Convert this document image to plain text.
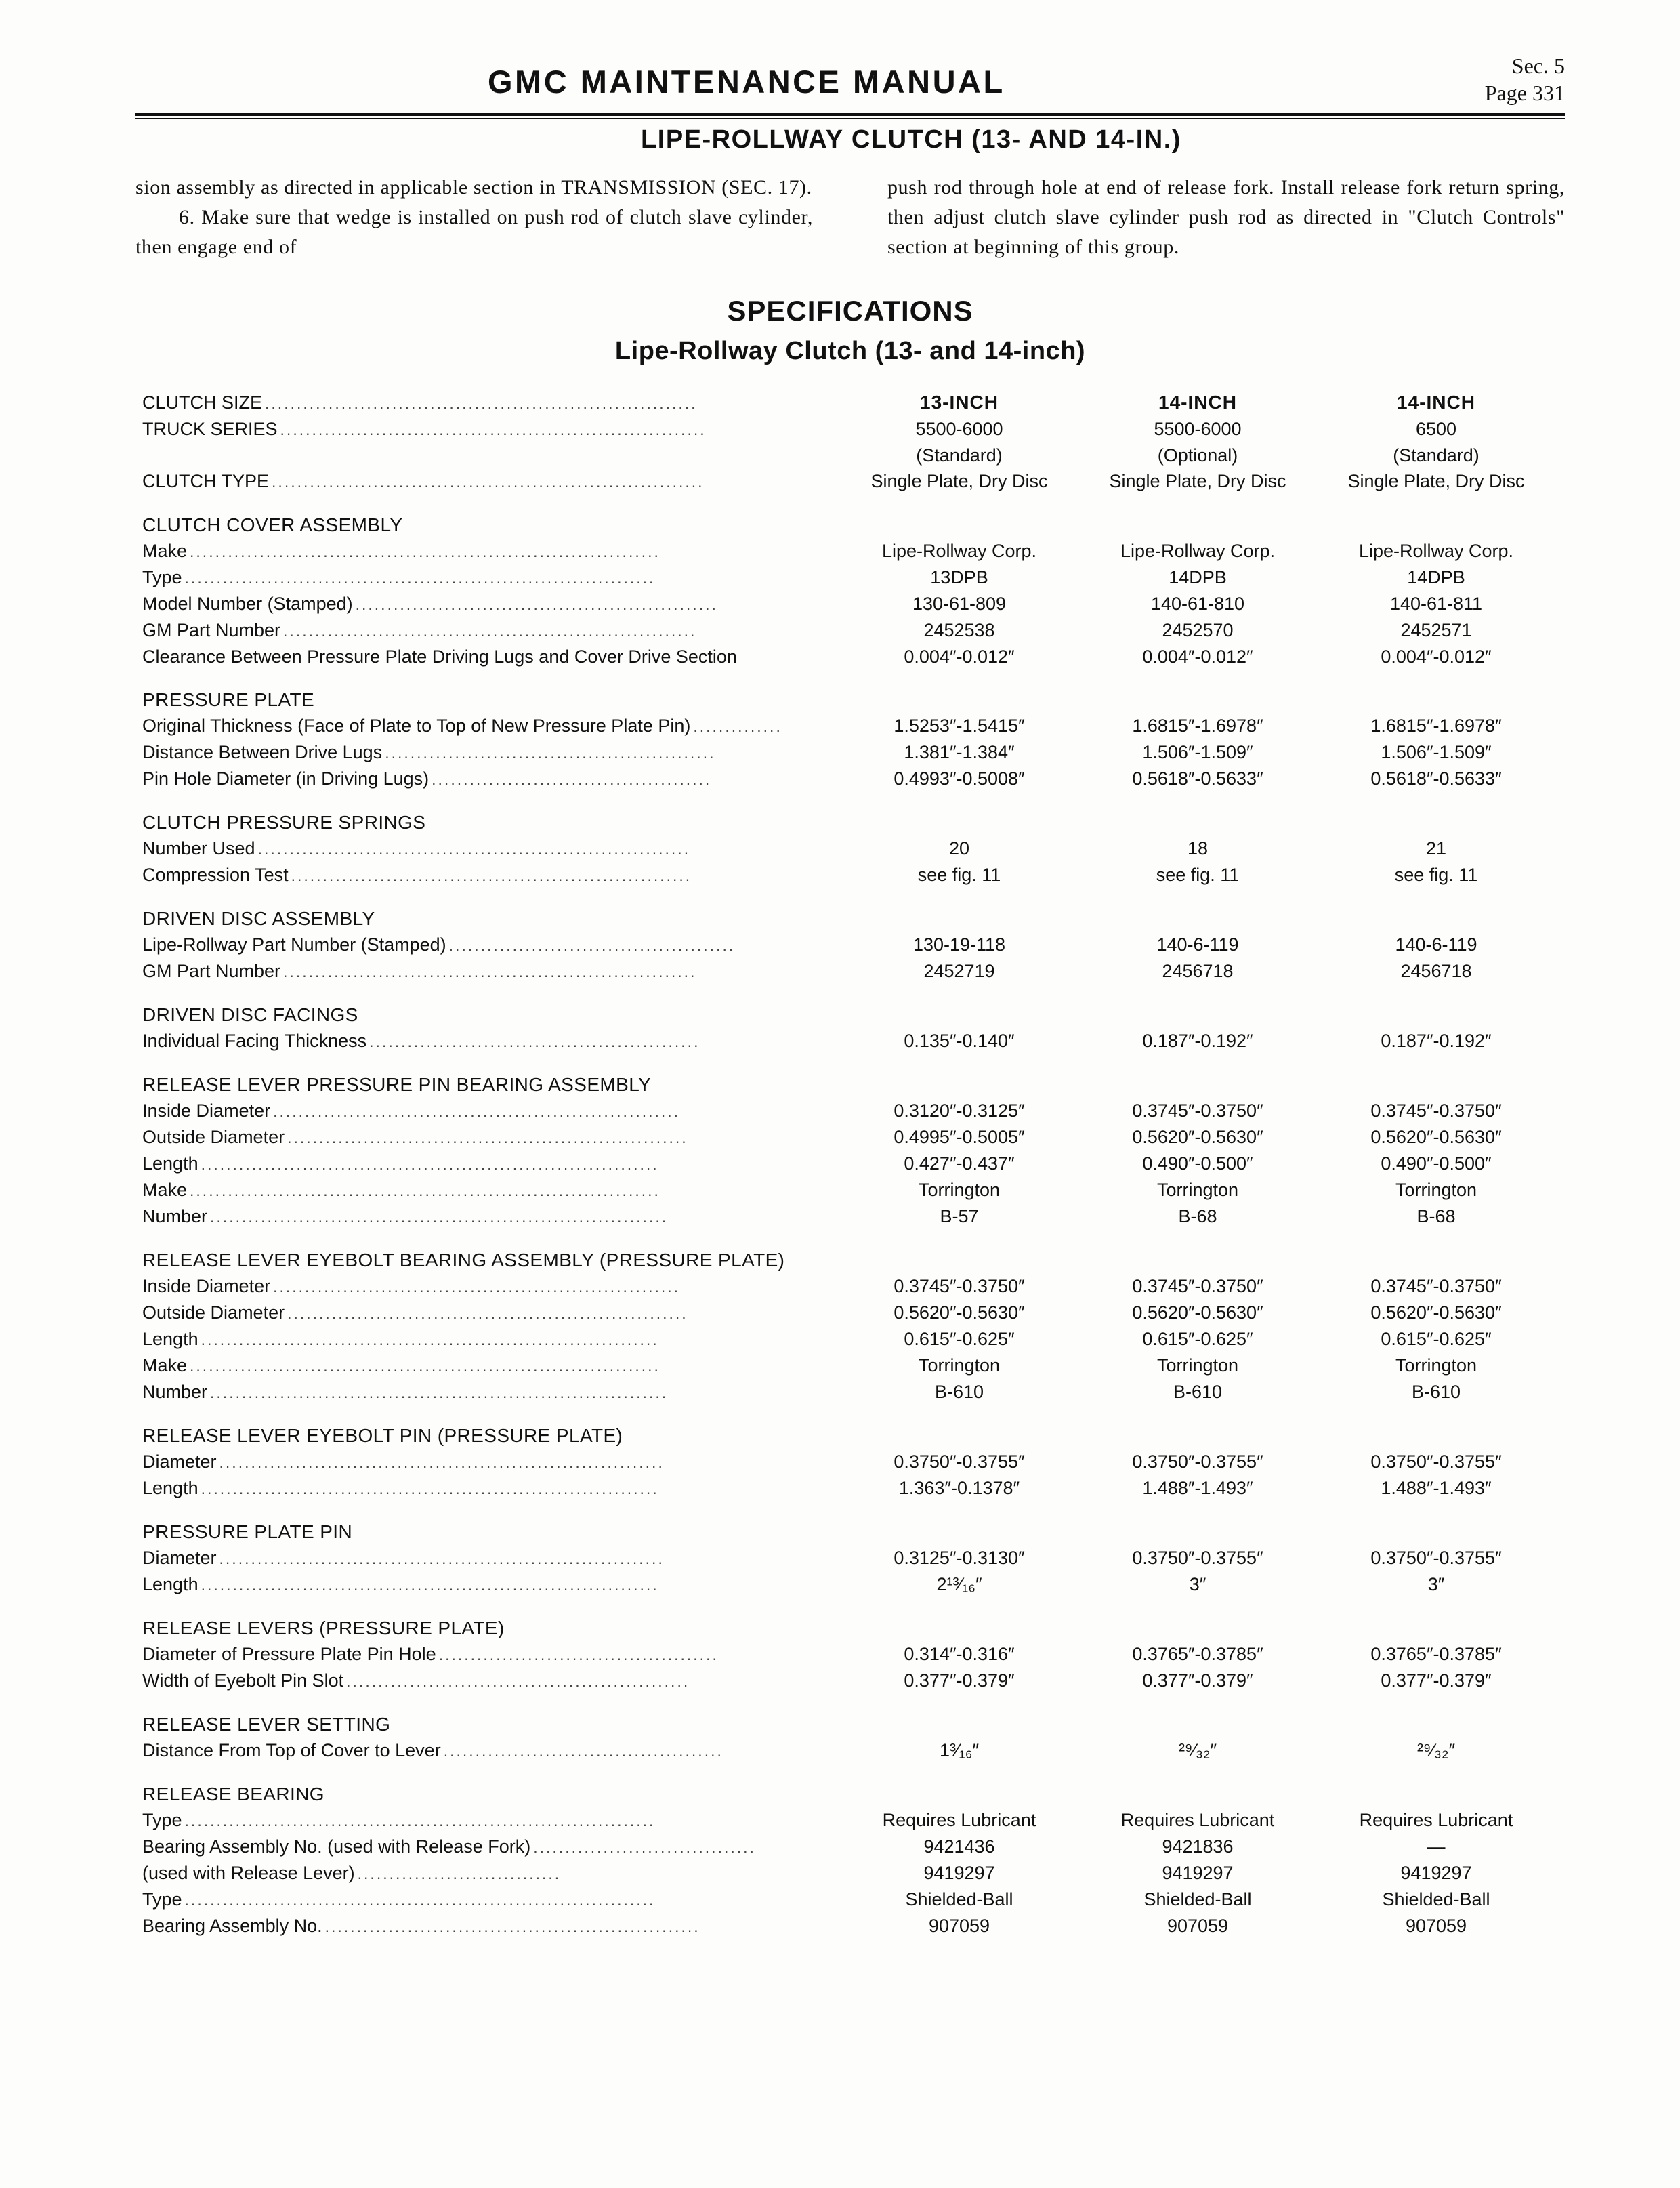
GMC MAINTENANCE MANUAL	Sec. 5
Page 331
LIPE-ROLLWAY CLUTCH (13- AND 14-IN.)

sion assembly as directed in applicable section in TRANSMISSION (SEC. 17).

6. Make sure that wedge is installed on push rod of clutch slave cylinder, then engage end of

push rod through hole at end of release fork. Install release fork return spring, then adjust clutch slave cylinder push rod as directed in "Clutch Controls" section at beginning of this group.

SPECIFICATIONS
Lipe-Rollway Clutch (13- and 14-inch)
CLUTCH SIZE ....................................................................	13-INCH	14-INCH	14-INCH
TRUCK SERIES ...................................................................	5500-6000	5500-6000	6500
(Standard)	(Optional)	(Standard)
CLUTCH TYPE ....................................................................	Single Plate, Dry Disc	Single Plate, Dry Disc	Single Plate, Dry Disc
CLUTCH COVER ASSEMBLY
Make ..........................................................................	Lipe-Rollway Corp.	Lipe-Rollway Corp.	Lipe-Rollway Corp.
Type ..........................................................................	13DPB	14DPB	14DPB
Model Number (Stamped) .........................................................	130-61-809	140-61-810	140-61-811
GM Part Number .................................................................	2452538	2452570	2452571
Clearance Between Pressure Plate Driving Lugs and Cover Drive Section	0.004″-0.012″	0.004″-0.012″	0.004″-0.012″
PRESSURE PLATE
Original Thickness (Face of Plate to Top of New Pressure Plate Pin) ..............	1.5253″-1.5415″	1.6815″-1.6978″	1.6815″-1.6978″
Distance Between Drive Lugs ....................................................	1.381″-1.384″	1.506″-1.509″	1.506″-1.509″
Pin Hole Diameter (in Driving Lugs) ............................................	0.4993″-0.5008″	0.5618″-0.5633″	0.5618″-0.5633″
CLUTCH PRESSURE SPRINGS
Number Used ....................................................................	20	18	21
Compression Test ...............................................................	see fig. 11	see fig. 11	see fig. 11
DRIVEN DISC ASSEMBLY
Lipe-Rollway Part Number (Stamped) .............................................	130-19-118	140-6-119	140-6-119
GM Part Number .................................................................	2452719	2456718	2456718
DRIVEN DISC FACINGS
Individual Facing Thickness ....................................................	0.135″-0.140″	0.187″-0.192″	0.187″-0.192″
RELEASE LEVER PRESSURE PIN BEARING ASSEMBLY
Inside Diameter ................................................................	0.3120″-0.3125″	0.3745″-0.3750″	0.3745″-0.3750″
Outside Diameter ...............................................................	0.4995″-0.5005″	0.5620″-0.5630″	0.5620″-0.5630″
Length ........................................................................	0.427″-0.437″	0.490″-0.500″	0.490″-0.500″
Make ..........................................................................	Torrington	Torrington	Torrington
Number ........................................................................	B-57	B-68	B-68
RELEASE LEVER EYEBOLT BEARING ASSEMBLY (PRESSURE PLATE)
Inside Diameter ................................................................	0.3745″-0.3750″	0.3745″-0.3750″	0.3745″-0.3750″
Outside Diameter ...............................................................	0.5620″-0.5630″	0.5620″-0.5630″	0.5620″-0.5630″
Length ........................................................................	0.615″-0.625″	0.615″-0.625″	0.615″-0.625″
Make ..........................................................................	Torrington	Torrington	Torrington
Number ........................................................................	B-610	B-610	B-610
RELEASE LEVER EYEBOLT PIN (PRESSURE PLATE)
Diameter ......................................................................	0.3750″-0.3755″	0.3750″-0.3755″	0.3750″-0.3755″
Length ........................................................................	1.363″-0.1378″	1.488″-1.493″	1.488″-1.493″
PRESSURE PLATE PIN
Diameter ......................................................................	0.3125″-0.3130″	0.3750″-0.3755″	0.3750″-0.3755″
Length ........................................................................	2¹³⁄₁₆″	3″	3″
RELEASE LEVERS (PRESSURE PLATE)
Diameter of Pressure Plate Pin Hole ............................................	0.314″-0.316″	0.3765″-0.3785″	0.3765″-0.3785″
Width of Eyebolt Pin Slot ......................................................	0.377″-0.379″	0.377″-0.379″	0.377″-0.379″
RELEASE LEVER SETTING
Distance From Top of Cover to Lever ............................................	1³⁄₁₆″	²⁹⁄₃₂″	²⁹⁄₃₂″
RELEASE BEARING
Type ..........................................................................	Requires Lubricant	Requires Lubricant	Requires Lubricant
Bearing Assembly No. (used with Release Fork) ...................................	9421436	9421836	—
(used with Release Lever) ................................	9419297	9419297	9419297
Type ..........................................................................	Shielded-Ball	Shielded-Ball	Shielded-Ball
Bearing Assembly No. ...........................................................	907059	907059	907059
